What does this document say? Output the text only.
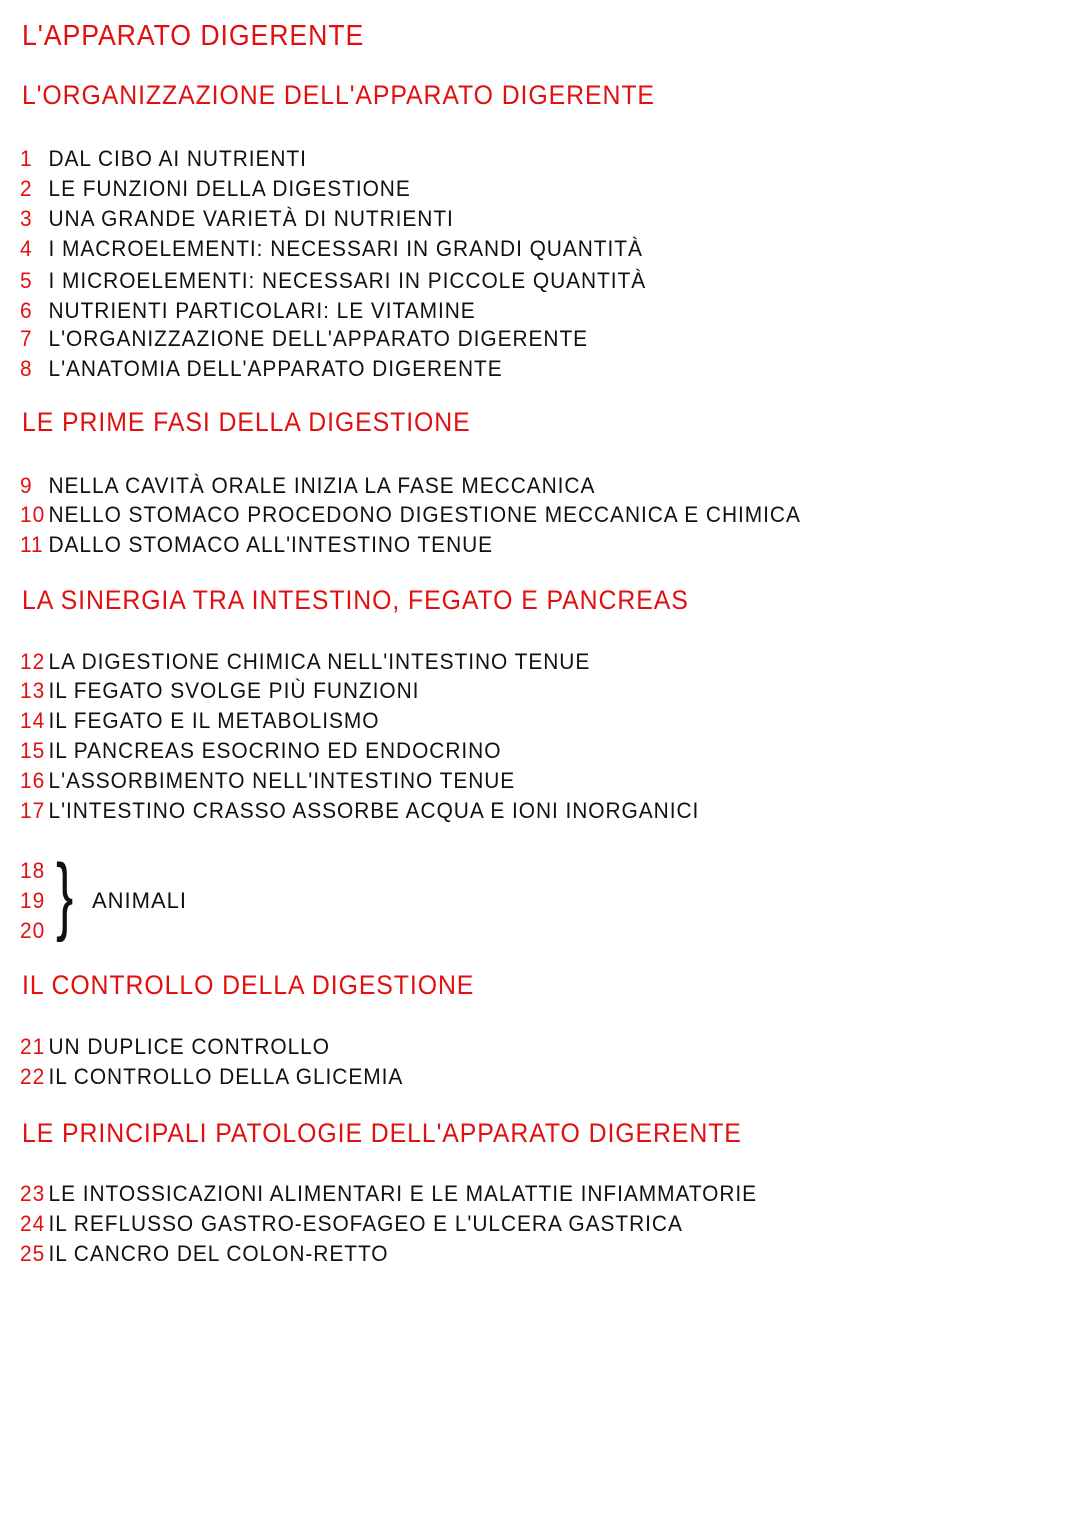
L'APPARATO DIGERENTE
L'ORGANIZZAZIONE DELL'APPARATO DIGERENTE
1 DAL CIBO AI NUTRIENTI
2 LE FUNZIONI DELLA DIGESTIONE
3 UNA GRANDE VARIETÀ DI NUTRIENTI
4 I MACROELEMENTI: NECESSARI IN GRANDI QUANTITÀ
5 I MICROELEMENTI: NECESSARI IN PICCOLE QUANTITÀ
6 NUTRIENTI PARTICOLARI: LE VITAMINE
7 L'ORGANIZZAZIONE DELL'APPARATO DIGERENTE
8 L'ANATOMIA DELL'APPARATO DIGERENTE
LE PRIME FASI DELLA DIGESTIONE
9 NELLA CAVITÀ ORALE INIZIA LA FASE MECCANICA
10 NELLO STOMACO PROCEDONO DIGESTIONE MECCANICA E CHIMICA
11 DALLO STOMACO ALL'INTESTINO TENUE
LA SINERGIA TRA INTESTINO, FEGATO E PANCREAS
12 LA DIGESTIONE CHIMICA NELL'INTESTINO TENUE
13 IL FEGATO SVOLGE PIÙ FUNZIONI
14 IL FEGATO E IL METABOLISMO
15 IL PANCREAS ESOCRINO ED ENDOCRINO
16 L'ASSORBIMENTO NELL'INTESTINO TENUE
17 L'INTESTINO CRASSO ASSORBE ACQUA E IONI INORGANICI
18
19
20 } ANIMALI
IL CONTROLLO DELLA DIGESTIONE
21 UN DUPLICE CONTROLLO
22 IL CONTROLLO DELLA GLICEMIA
LE PRINCIPALI PATOLOGIE DELL'APPARATO DIGERENTE
23 LE INTOSSICAZIONI ALIMENTARI E LE MALATTIE INFIAMMATORIE
24 IL REFLUSSO GASTRO-ESOFAGEO E L'ULCERA GASTRICA
25 IL CANCRO DEL COLON-RETTO
